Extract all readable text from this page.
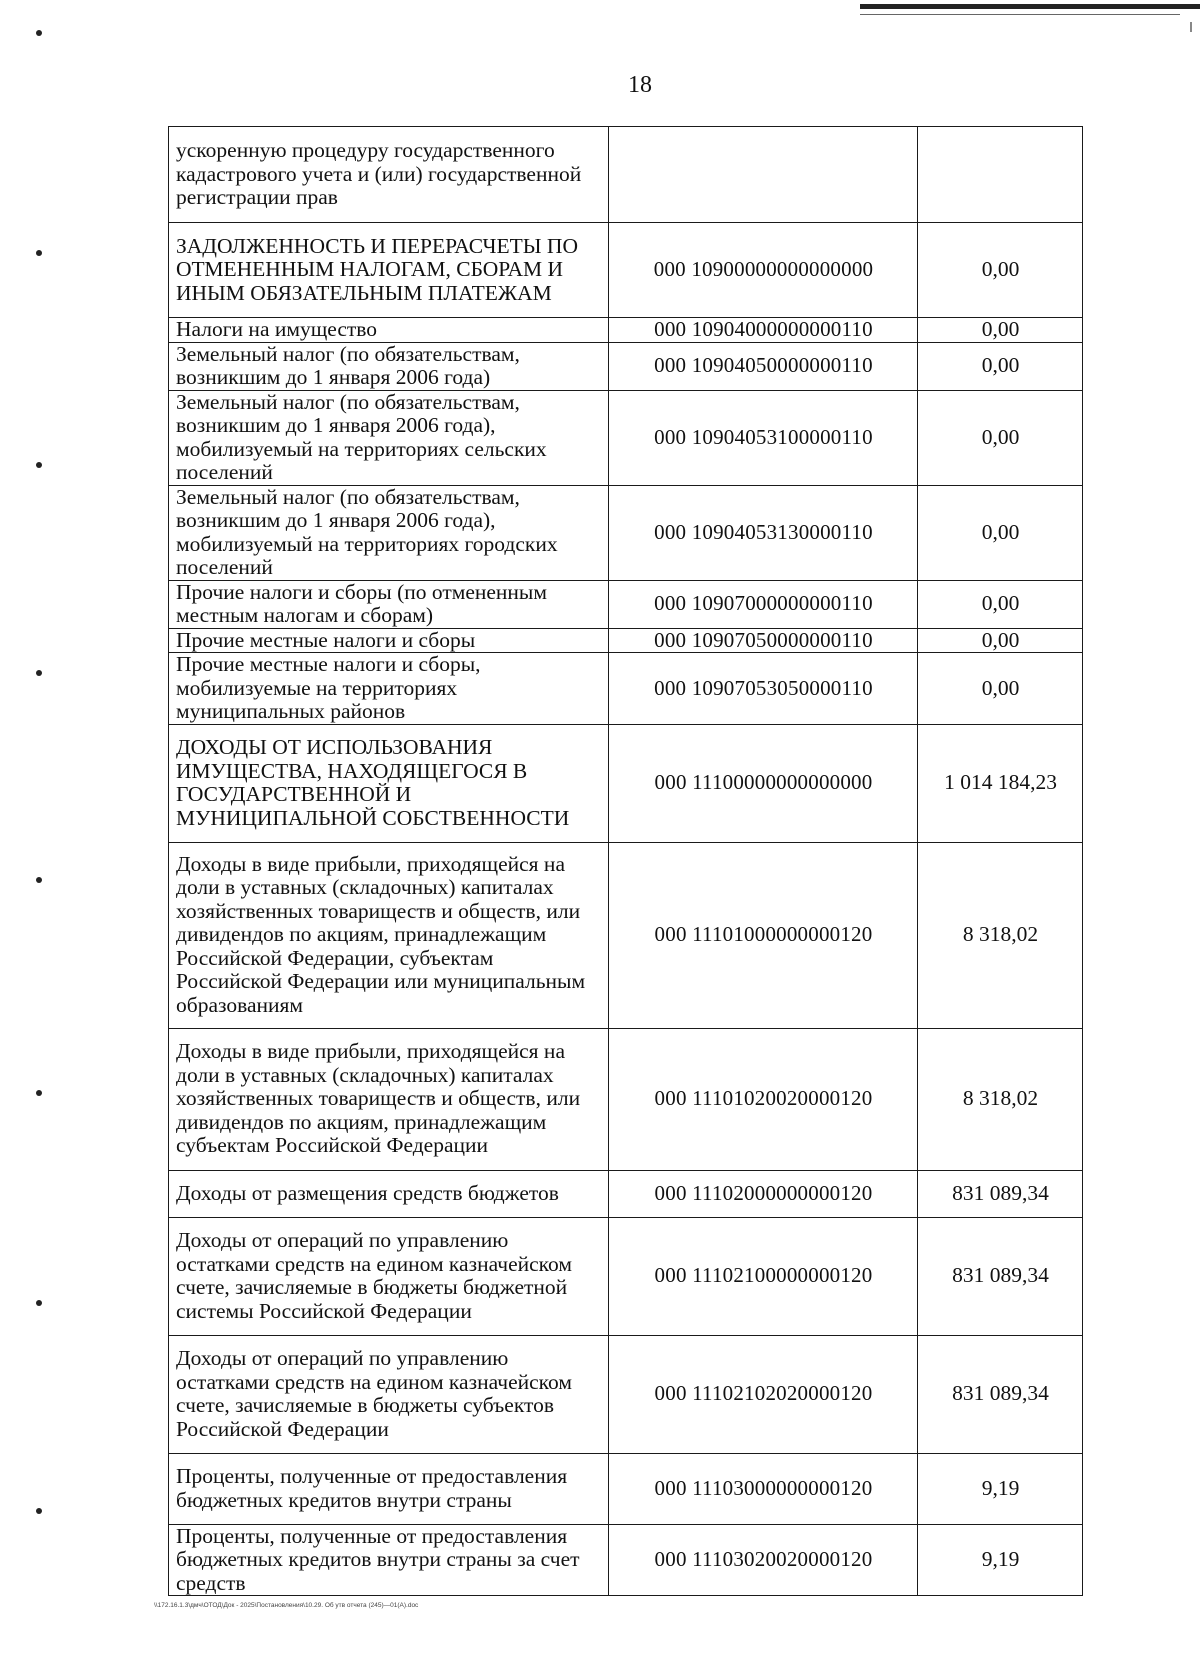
18
ускоренную процедуру государственного кадастрового учета и (или) государственной регистрации прав		
ЗАДОЛЖЕННОСТЬ И ПЕРЕРАСЧЕТЫ ПО ОТМЕНЕННЫМ НАЛОГАМ, СБОРАМ И ИНЫМ ОБЯЗАТЕЛЬНЫМ ПЛАТЕЖАМ	000 10900000000000000	0,00
Налоги на имущество	000 10904000000000110	0,00
Земельный налог (по обязательствам, возникшим до 1 января 2006 года)	000 10904050000000110	0,00
Земельный налог (по обязательствам, возникшим до 1 января 2006 года), мобилизуемый на территориях сельских поселений	000 10904053100000110	0,00
Земельный налог (по обязательствам, возникшим до 1 января 2006 года), мобилизуемый на территориях городских поселений	000 10904053130000110	0,00
Прочие налоги и сборы (по отмененным местным налогам и сборам)	000 10907000000000110	0,00
Прочие местные налоги и сборы	000 10907050000000110	0,00
Прочие местные налоги и сборы, мобилизуемые на территориях муниципальных районов	000 10907053050000110	0,00
ДОХОДЫ ОТ ИСПОЛЬЗОВАНИЯ ИМУЩЕСТВА, НАХОДЯЩЕГОСЯ В ГОСУДАРСТВЕННОЙ И МУНИЦИПАЛЬНОЙ СОБСТВЕННОСТИ	000 11100000000000000	1 014 184,23
Доходы в виде прибыли, приходящейся на доли в уставных (складочных) капиталах хозяйственных товариществ и обществ, или дивидендов по акциям, принадлежащим Российской Федерации, субъектам Российской Федерации или муниципальным образованиям	000 11101000000000120	8 318,02
Доходы в виде прибыли, приходящейся на доли в уставных (складочных) капиталах хозяйственных товариществ и обществ, или дивидендов по акциям, принадлежащим субъектам Российской Федерации	000 11101020020000120	8 318,02
Доходы от размещения средств бюджетов	000 11102000000000120	831 089,34
Доходы от операций по управлению остатками средств на едином казначейском счете, зачисляемые в бюджеты бюджетной системы Российской Федерации	000 11102100000000120	831 089,34
Доходы от операций по управлению остатками средств на едином казначейском счете, зачисляемые в бюджеты субъектов Российской Федерации	000 11102102020000120	831 089,34
Проценты, полученные от предоставления бюджетных кредитов внутри страны	000 11103000000000120	9,19
Проценты, полученные от предоставления бюджетных кредитов внутри страны за счет средств	000 11103020020000120	9,19
\\172.16.1.3\дмч\ОТОД\Док - 2025\Постановления\10.29. Об утв отчета (245)—01(А).doc
